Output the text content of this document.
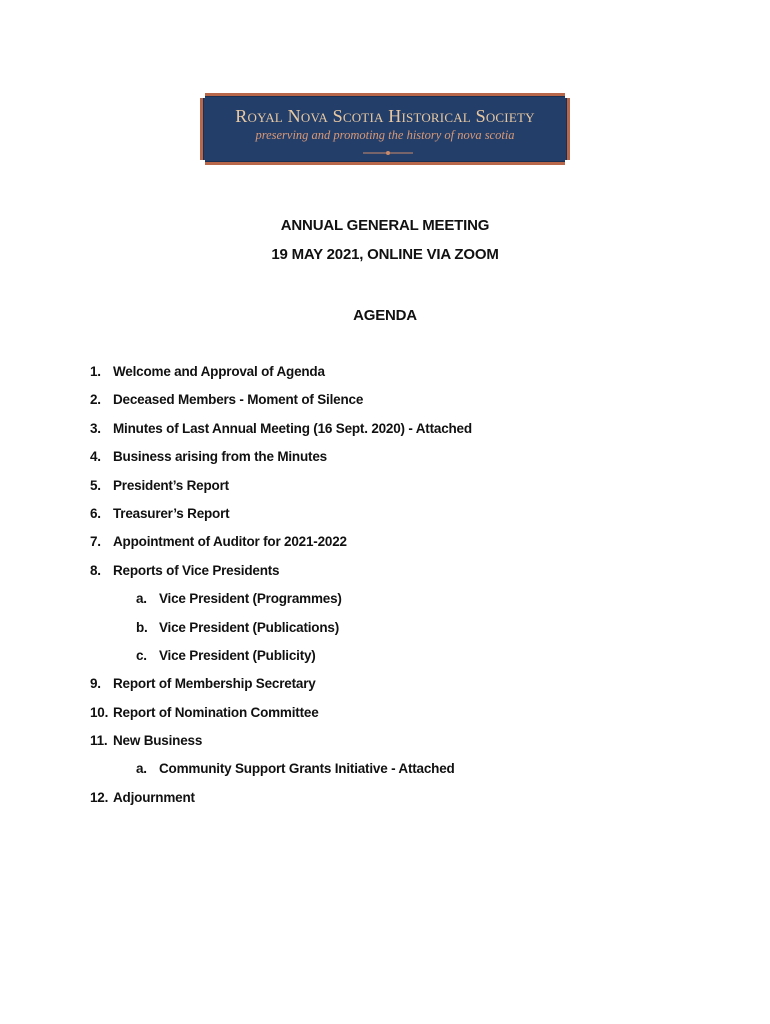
Royal Nova Scotia Historical Society
preserving and promoting the history of nova scotia
ANNUAL GENERAL MEETING
19 MAY 2021, ONLINE VIA ZOOM
AGENDA
1. Welcome and Approval of Agenda
2. Deceased Members - Moment of Silence
3. Minutes of Last Annual Meeting (16 Sept. 2020) - Attached
4. Business arising from the Minutes
5. President’s Report
6. Treasurer’s Report
7. Appointment of Auditor for 2021-2022
8. Reports of Vice Presidents
a. Vice President (Programmes)
b. Vice President (Publications)
c. Vice President (Publicity)
9. Report of Membership Secretary
10. Report of Nomination Committee
11. New Business
a. Community Support Grants Initiative - Attached
12. Adjournment
